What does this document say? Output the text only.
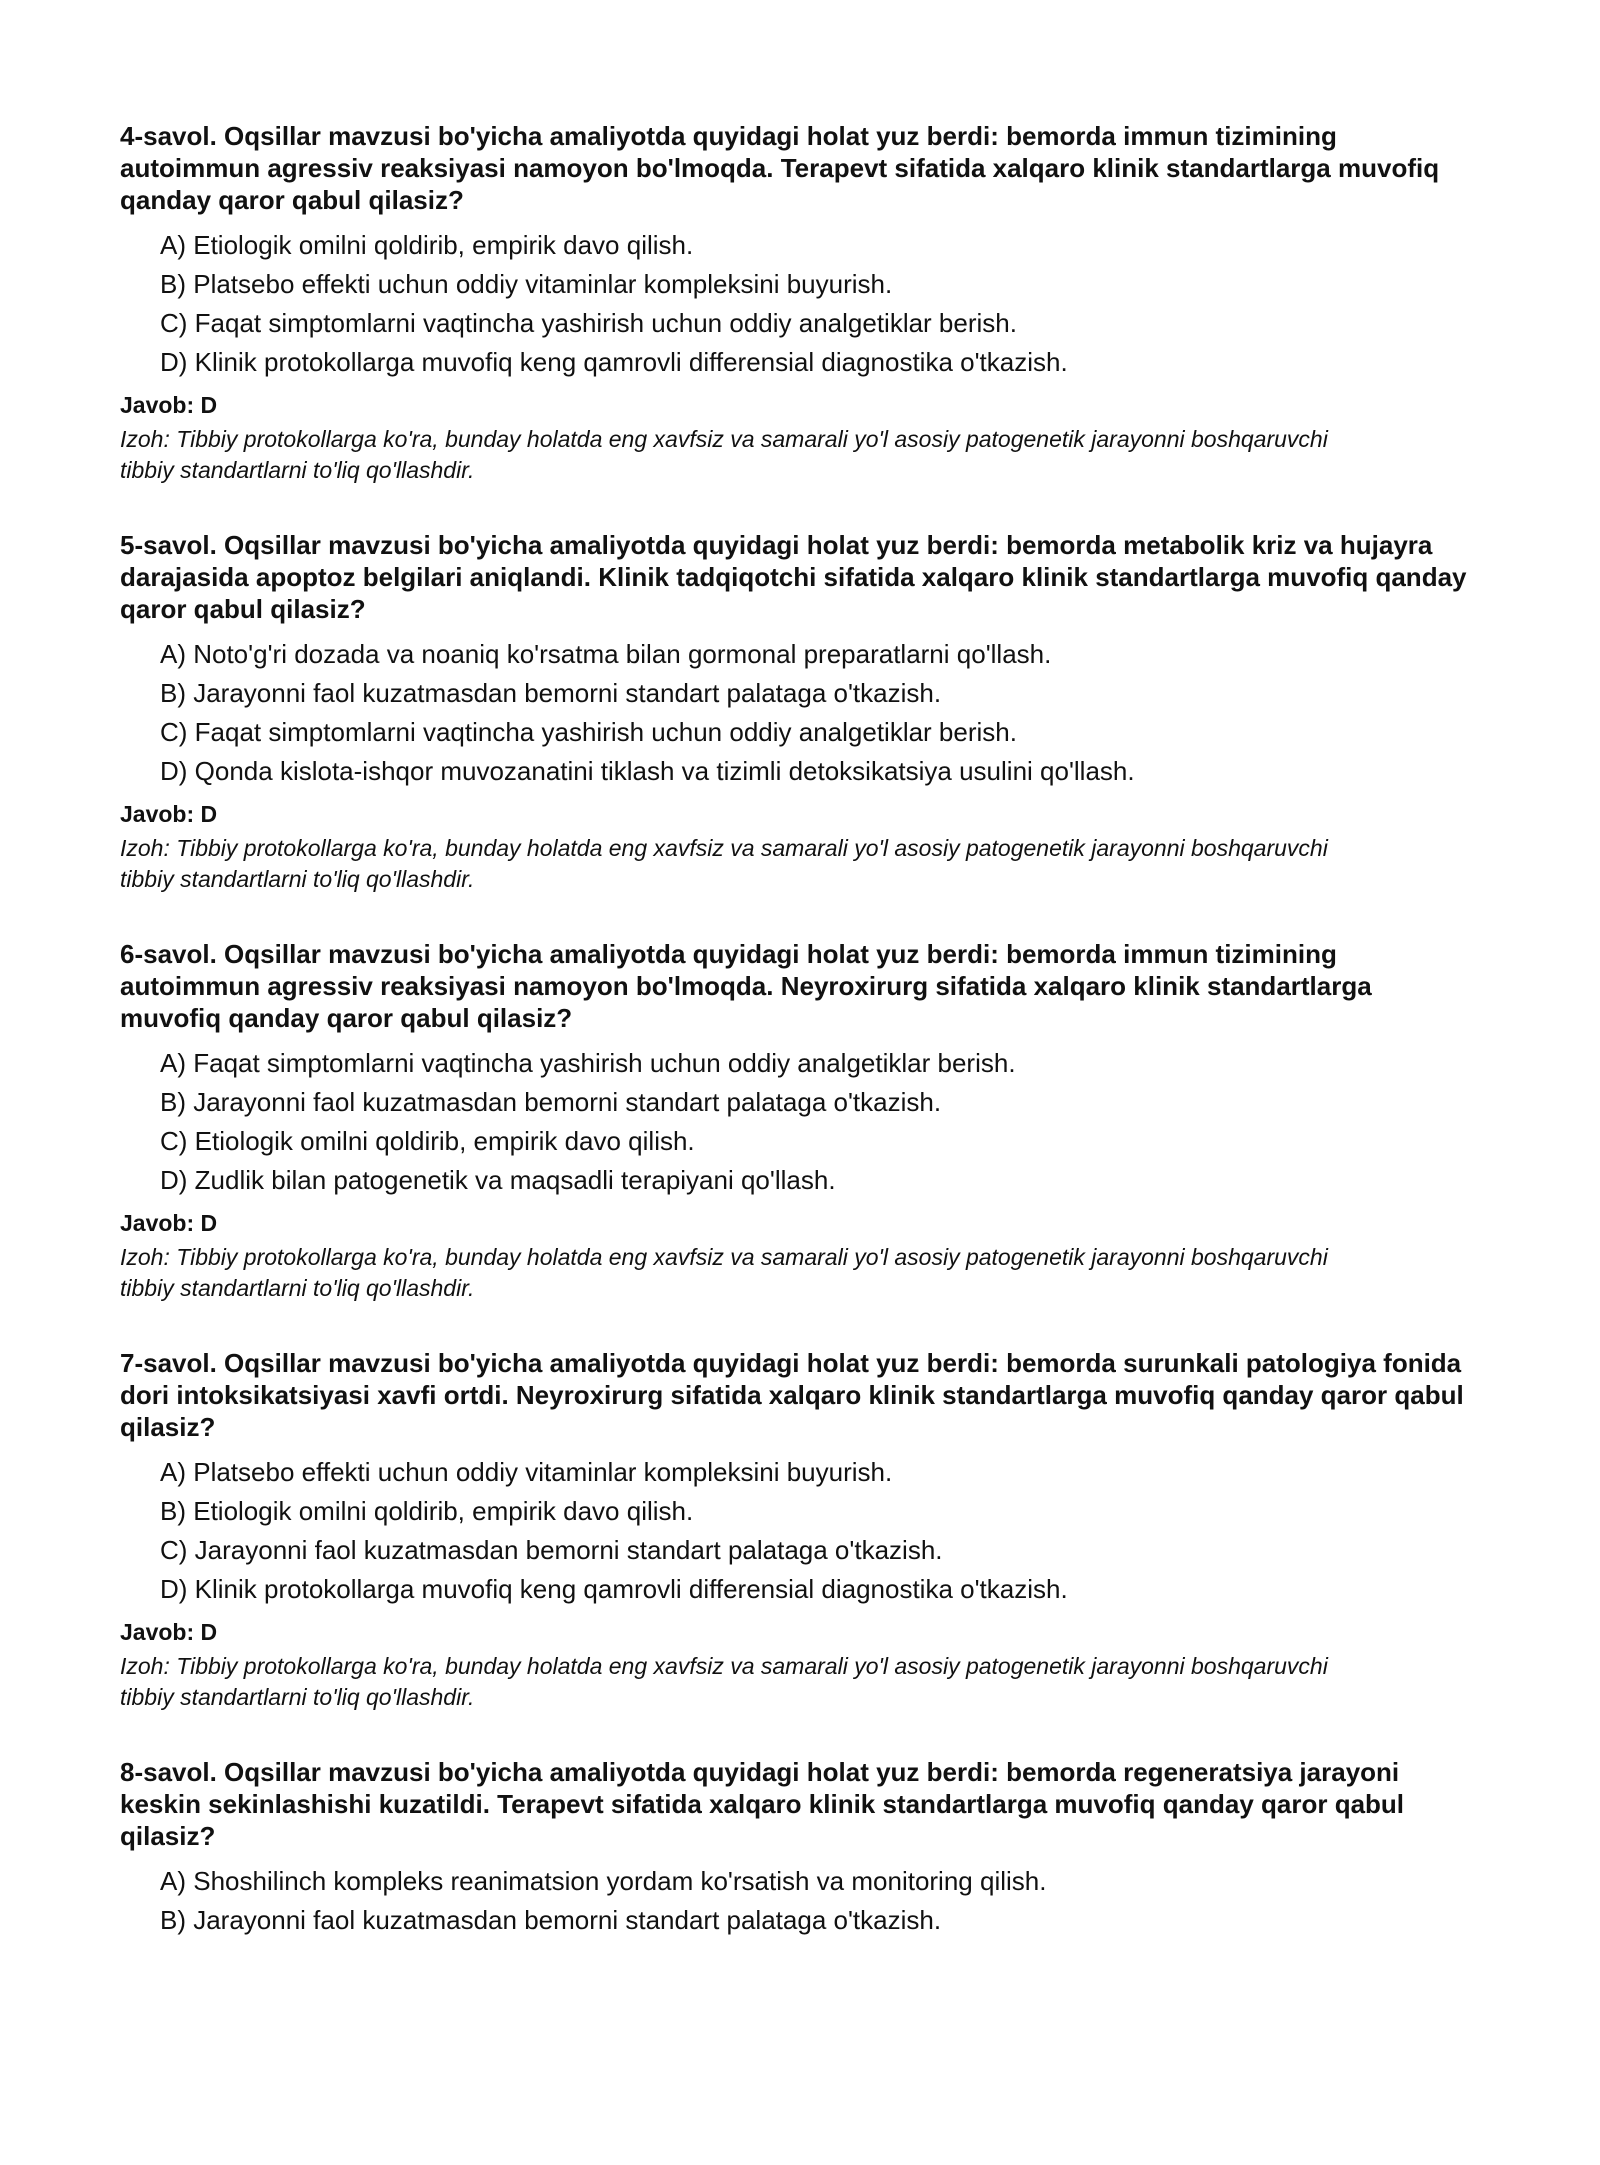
4-savol. Oqsillar mavzusi bo'yicha amaliyotda quyidagi holat yuz berdi: bemorda immun tizimining autoimmun agressiv reaksiyasi namoyon bo'lmoqda. Terapevt sifatida xalqaro klinik standartlarga muvofiq qanday qaror qabul qilasiz?
A) Etiologik omilni qoldirib, empirik davo qilish.
B) Platsebo effekti uchun oddiy vitaminlar kompleksini buyurish.
C) Faqat simptomlarni vaqtincha yashirish uchun oddiy analgetiklar berish.
D) Klinik protokollarga muvofiq keng qamrovli differensial diagnostika o'tkazish.
Javob: D
Izoh: Tibbiy protokollarga ko'ra, bunday holatda eng xavfsiz va samarali yo'l asosiy patogenetik jarayonni boshqaruvchi tibbiy standartlarni to'liq qo'llashdir.
5-savol. Oqsillar mavzusi bo'yicha amaliyotda quyidagi holat yuz berdi: bemorda metabolik kriz va hujayra darajasida apoptoz belgilari aniqlandi. Klinik tadqiqotchi sifatida xalqaro klinik standartlarga muvofiq qanday qaror qabul qilasiz?
A) Noto'g'ri dozada va noaniq ko'rsatma bilan gormonal preparatlarni qo'llash.
B) Jarayonni faol kuzatmasdan bemorni standart palataga o'tkazish.
C) Faqat simptomlarni vaqtincha yashirish uchun oddiy analgetiklar berish.
D) Qonda kislota-ishqor muvozanatini tiklash va tizimli detoksikatsiya usulini qo'llash.
Javob: D
Izoh: Tibbiy protokollarga ko'ra, bunday holatda eng xavfsiz va samarali yo'l asosiy patogenetik jarayonni boshqaruvchi tibbiy standartlarni to'liq qo'llashdir.
6-savol. Oqsillar mavzusi bo'yicha amaliyotda quyidagi holat yuz berdi: bemorda immun tizimining autoimmun agressiv reaksiyasi namoyon bo'lmoqda. Neyroxirurg sifatida xalqaro klinik standartlarga muvofiq qanday qaror qabul qilasiz?
A) Faqat simptomlarni vaqtincha yashirish uchun oddiy analgetiklar berish.
B) Jarayonni faol kuzatmasdan bemorni standart palataga o'tkazish.
C) Etiologik omilni qoldirib, empirik davo qilish.
D) Zudlik bilan patogenetik va maqsadli terapiyani qo'llash.
Javob: D
Izoh: Tibbiy protokollarga ko'ra, bunday holatda eng xavfsiz va samarali yo'l asosiy patogenetik jarayonni boshqaruvchi tibbiy standartlarni to'liq qo'llashdir.
7-savol. Oqsillar mavzusi bo'yicha amaliyotda quyidagi holat yuz berdi: bemorda surunkali patologiya fonida dori intoksikatsiyasi xavfi ortdi. Neyroxirurg sifatida xalqaro klinik standartlarga muvofiq qanday qaror qabul qilasiz?
A) Platsebo effekti uchun oddiy vitaminlar kompleksini buyurish.
B) Etiologik omilni qoldirib, empirik davo qilish.
C) Jarayonni faol kuzatmasdan bemorni standart palataga o'tkazish.
D) Klinik protokollarga muvofiq keng qamrovli differensial diagnostika o'tkazish.
Javob: D
Izoh: Tibbiy protokollarga ko'ra, bunday holatda eng xavfsiz va samarali yo'l asosiy patogenetik jarayonni boshqaruvchi tibbiy standartlarni to'liq qo'llashdir.
8-savol. Oqsillar mavzusi bo'yicha amaliyotda quyidagi holat yuz berdi: bemorda regeneratsiya jarayoni keskin sekinlashishi kuzatildi. Terapevt sifatida xalqaro klinik standartlarga muvofiq qanday qaror qabul qilasiz?
A) Shoshilinch kompleks reanimatsion yordam ko'rsatish va monitoring qilish.
B) Jarayonni faol kuzatmasdan bemorni standart palataga o'tkazish.
